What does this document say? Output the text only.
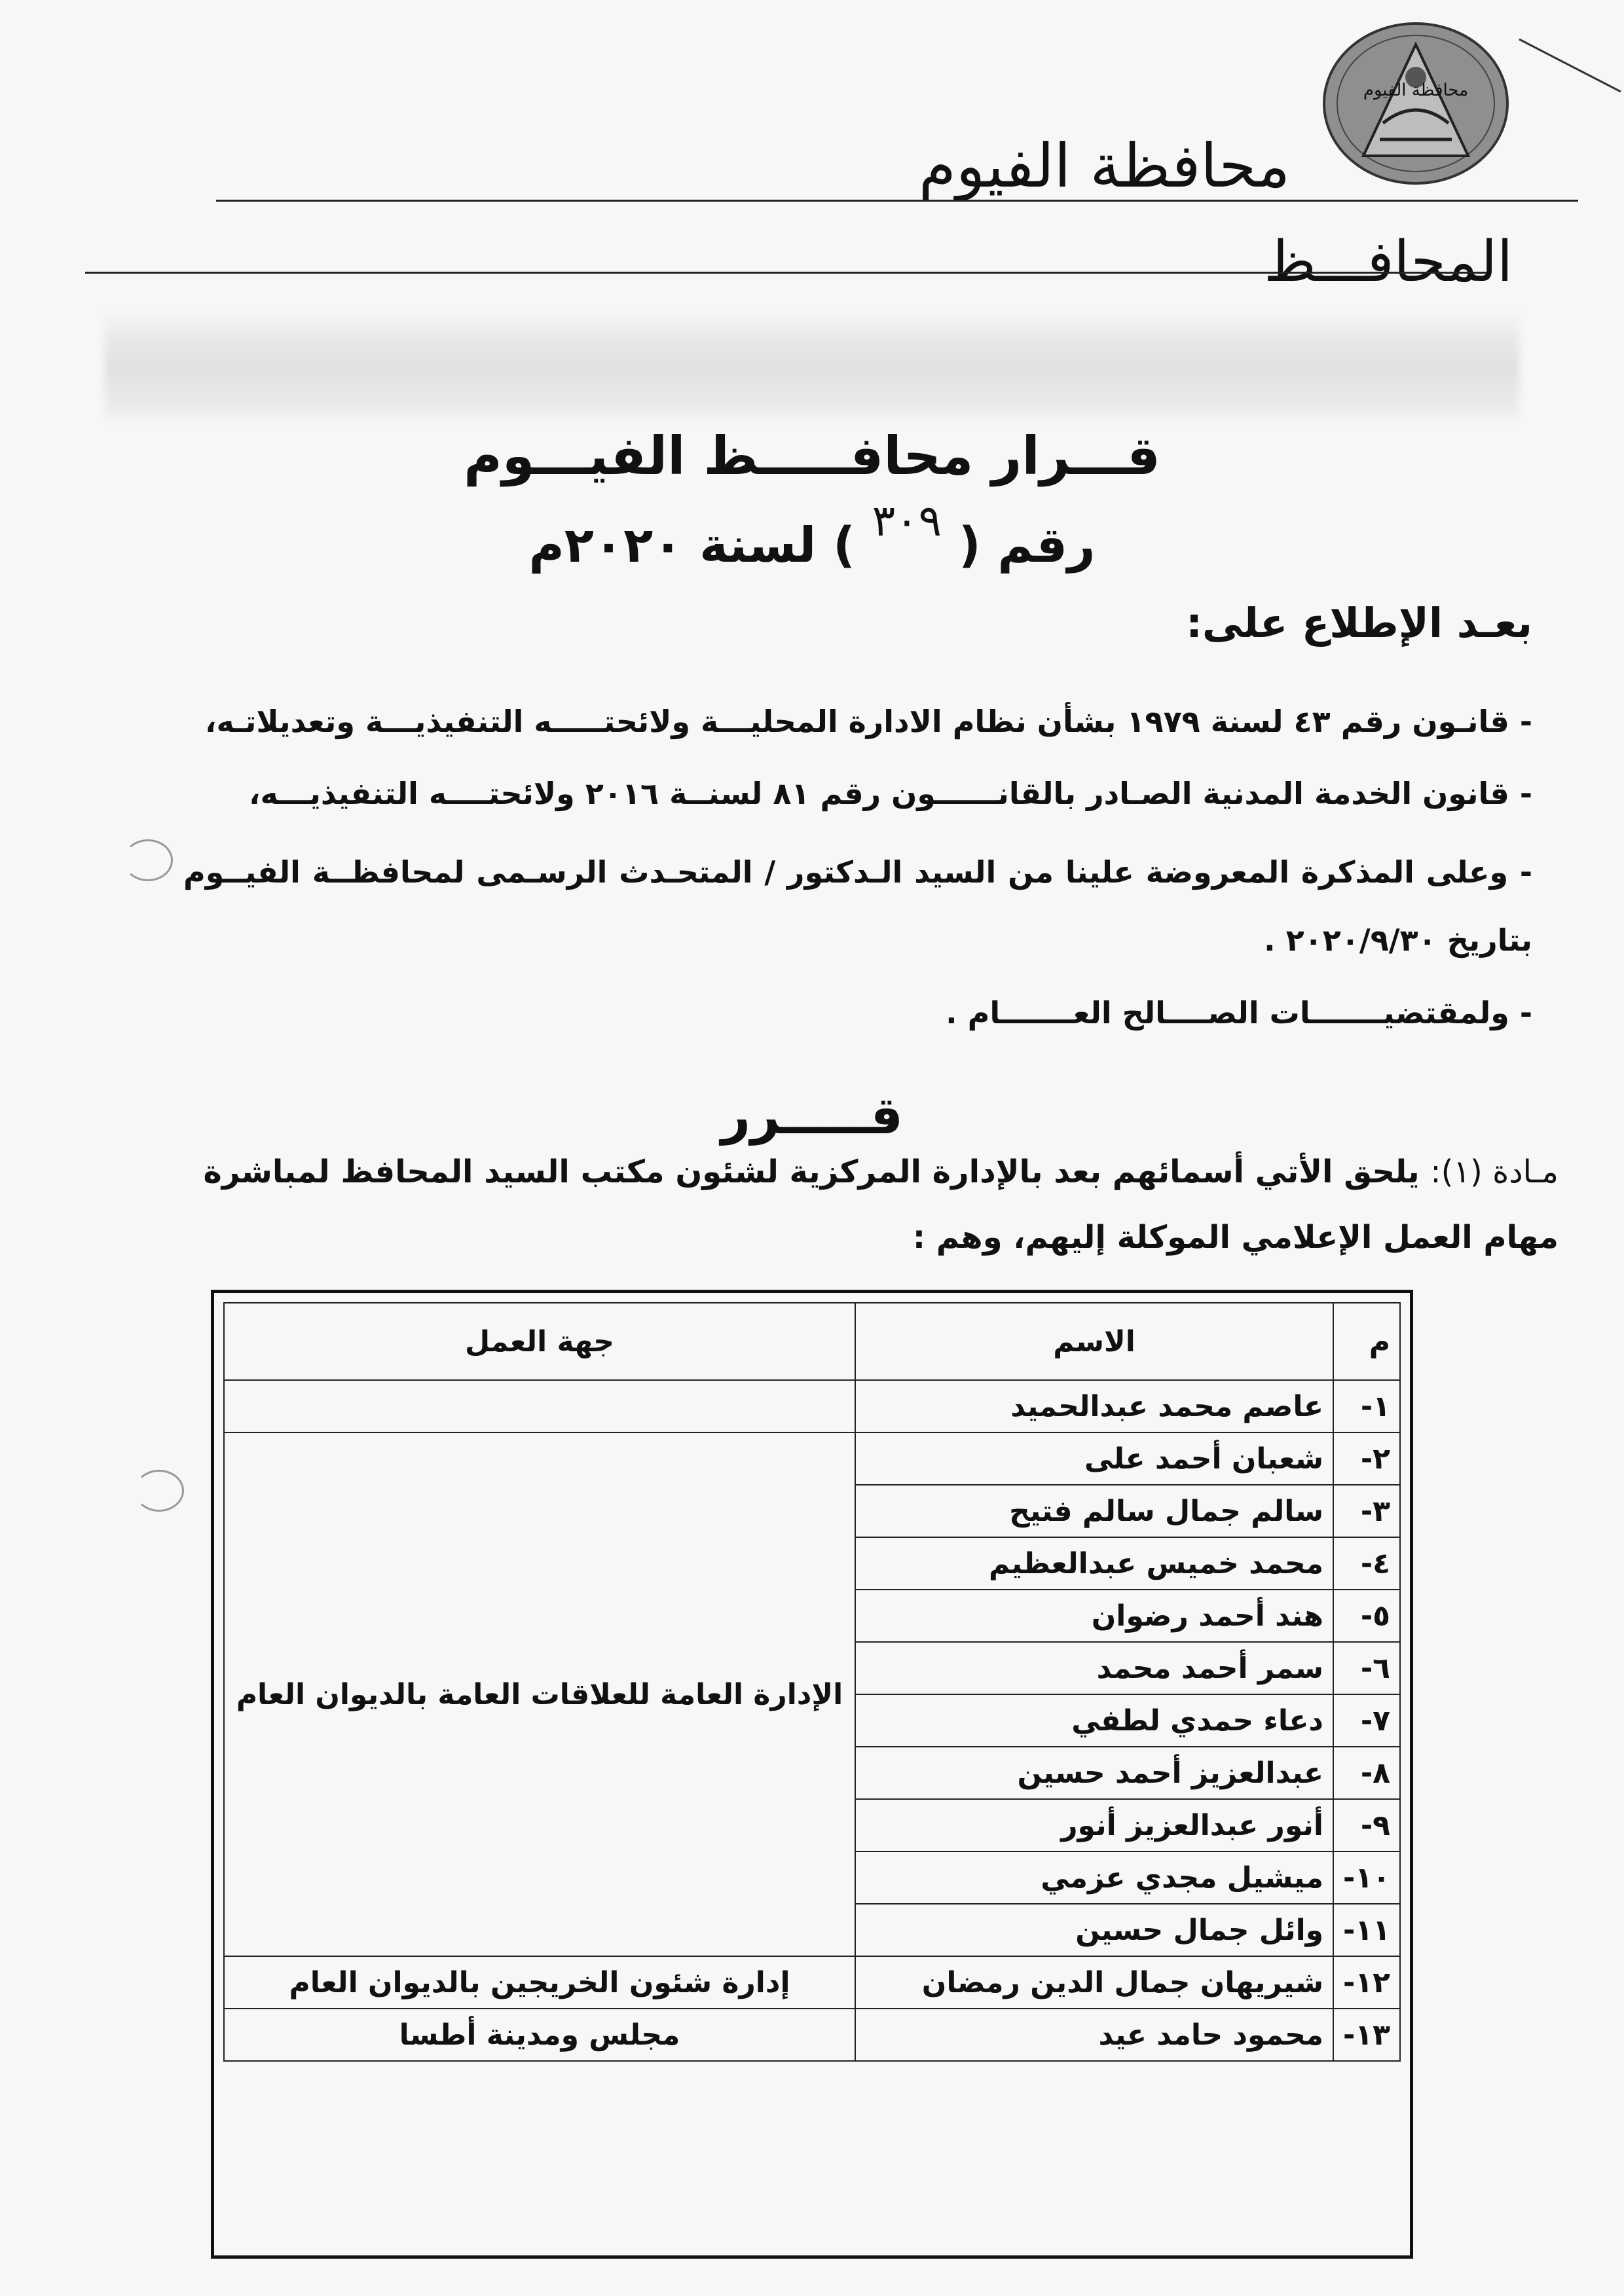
محافظة الفيوم
محافظة الفيوم
المحافـــظ
قـــرار محافـــــظ الفيـــوم
رقم ( ٣٠٩ ) لسنة ٢٠٢٠م
بعـد الإطلاع على:
- قانـون رقم ٤٣ لسنة ١٩٧٩ بشأن نظام الادارة المحليـــة ولائحتـــــه التنفيذيـــة وتعديلاتـه،
- قانون الخدمة المدنية الصـادر بالقانــــــون رقم ٨١ لسنــة ٢٠١٦ ولائحتــــه التنفيذيـــه،
- وعلى المذكرة المعروضة علينا من السيد الـدكتور / المتحـدث الرسـمى لمحافظــة الفيــوم بتاريخ ٢٠٢٠/٩/٣٠ .
- ولمقتضيـــــــات الصــــالح العـــــــام .
قـــــرر
مـادة (١): يلحق الأتي أسمائهم بعد بالإدارة المركزية لشئون مكتب السيد المحافظ لمباشرة مهام العمل الإعلامي الموكلة إليهم، وهم :
م	الاسم	جهة العمل
١-	عاصم محمد عبدالحميد	
٢-	شعبان أحمد على	الإدارة العامة للعلاقات العامة بالديوان العام
٣-	سالم جمال سالم فتيح	
٤-	محمد خميس عبدالعظيم	
٥-	هند أحمد رضوان	
٦-	سمر أحمد محمد	
٧-	دعاء حمدي لطفي	
٨-	عبدالعزيز أحمد حسين	
٩-	أنور عبدالعزيز أنور	
١٠-	ميشيل مجدي عزمي	
١١-	وائل جمال حسين	
١٢-	شيريهان جمال الدين رمضان	إدارة شئون الخريجين بالديوان العام
١٣-	محمود حامد عيد	مجلس ومدينة أطسا
